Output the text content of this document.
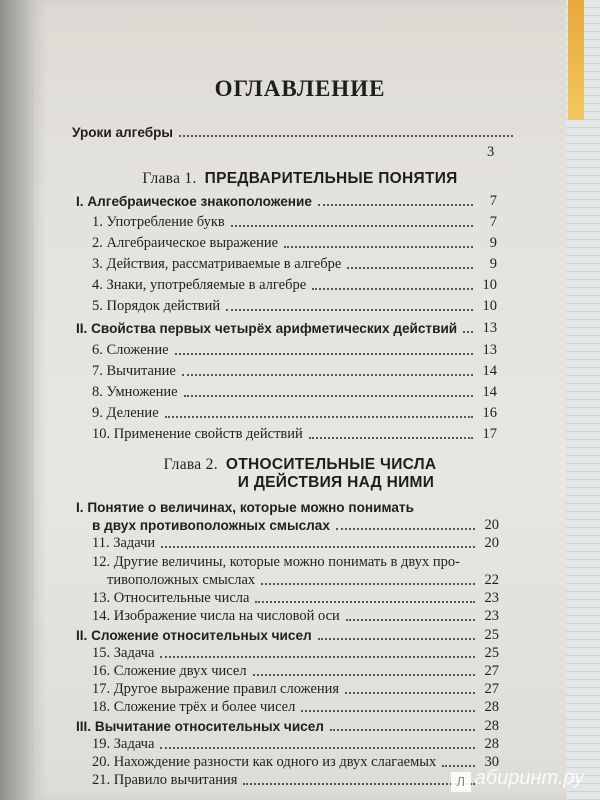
ОГЛАВЛЕНИЕ
Уроки алгебры
3
Глава 1. ПРЕДВАРИТЕЛЬНЫЕ ПОНЯТИЯ
I. Алгебраическое знакоположение	7
1. Употребление букв	7
2. Алгебраическое выражение	9
3. Действия, рассматриваемые в алгебре	9
4. Знаки, употребляемые в алгебре	10
5. Порядок действий	10
II. Свойства первых четырёх арифметических действий 13
6. Сложение	13
7. Вычитание	14
8. Умножение	14
9. Деление	16
10. Применение свойств действий	17
Глава 2. ОТНОСИТЕЛЬНЫЕ ЧИСЛА
И ДЕЙСТВИЯ НАД НИМИ
I. Понятие о величинах, которые можно понимать
в двух противоположных смыслах	20
11. Задачи	20
12. Другие величины, которые можно понимать в двух про-
тивоположных смыслах	22
13. Относительные числа	23
14. Изображение числа на числовой оси	23
II. Сложение относительных чисел	25
15. Задача	25
16. Сложение двух чисел	27
17. Другое выражение правил сложения	27
18. Сложение трёх и более чисел	28
III. Вычитание относительных чисел	28
19. Задача	28
20. Нахождение разности как одного из двух слагаемых	30
21. Правило вычитания	Л абиринт.ру
